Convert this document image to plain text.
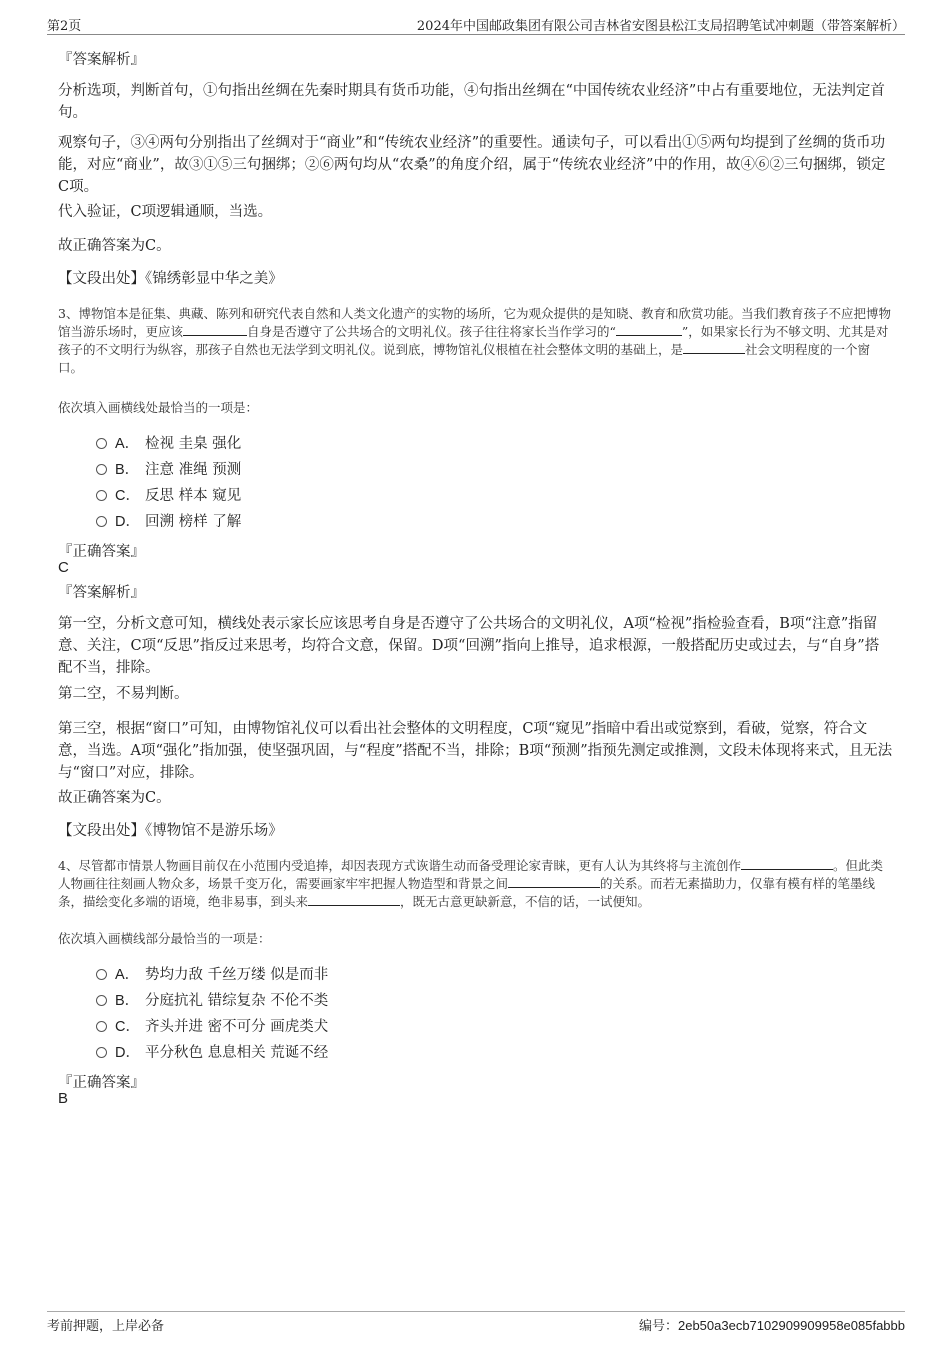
第2页	2024年中国邮政集团有限公司吉林省安图县松江支局招聘笔试冲刺题（带答案解析）
『答案解析』
分析选项，判断首句，①句指出丝绸在先秦时期具有货币功能，④句指出丝绸在“中国传统农业经济”中占有重要地位，无法判定首句。
观察句子，③④两句分别指出了丝绸对于“商业”和“传统农业经济”的重要性。通读句子，可以看出①⑤两句均提到了丝绸的货币功能，对应“商业”，故③①⑤三句捆绑；②⑥两句均从“农桑”的角度介绍，属于“传统农业经济”中的作用，故④⑥②三句捆绑，锁定C项。
代入验证，C项逻辑通顺，当选。
故正确答案为C。
【文段出处】《锦绣彰显中华之美》
3、博物馆本是征集、典藏、陈列和研究代表自然和人类文化遗产的实物的场所，它为观众提供的是知晓、教育和欣赏功能。当我们教育孩子不应把博物馆当游乐场时，更应该	自身是否遵守了公共场合的文明礼仪。孩子往往将家长当作学习的“	”，如果家长行为不够文明、尤其是对孩子的不文明行为纵容，那孩子自然也无法学到文明礼仪。说到底，博物馆礼仪根植在社会整体文明的基础上，是	社会文明程度的一个窗口。
依次填入画横线处最恰当的一项是：
A． 检视 圭臬 强化
B． 注意 准绳 预测
C． 反思 样本 窥见
D． 回溯 榜样 了解
『正确答案』
C
『答案解析』
第一空，分析文意可知，横线处表示家长应该思考自身是否遵守了公共场合的文明礼仪，A项“检视”指检验查看，B项“注意”指留意、关注，C项“反思”指反过来思考，均符合文意，保留。D项“回溯”指向上推导，追求根源，一般搭配历史或过去，与“自身”搭配不当，排除。
第二空，不易判断。
第三空，根据“窗口”可知，由博物馆礼仪可以看出社会整体的文明程度，C项“窥见”指暗中看出或觉察到，看破，觉察，符合文意，当选。A项“强化”指加强，使坚强巩固，与“程度”搭配不当，排除；B项“预测”指预先测定或推测，文段未体现将来式，且无法与“窗口”对应，排除。
故正确答案为C。
【文段出处】《博物馆不是游乐场》
4、尽管都市情景人物画目前仅在小范围内受追捧，却因表现方式诙谐生动而备受理论家青睐，更有人认为其终将与主流创作	。但此类人物画往往刻画人物众多，场景千变万化，需要画家牢牢把握人物造型和背景之间	的关系。而若无素描助力，仅靠有模有样的笔墨线条，描绘变化多端的语境，绝非易事，到头来	，既无古意更缺新意，不信的话，一试便知。
依次填入画横线部分最恰当的一项是：
A． 势均力敌 千丝万缕 似是而非
B． 分庭抗礼 错综复杂 不伦不类
C． 齐头并进 密不可分 画虎类犬
D． 平分秋色 息息相关 荒诞不经
『正确答案』
B
考前押题，上岸必备	编号：2eb50a3ecb7102909909958e085fabbb
